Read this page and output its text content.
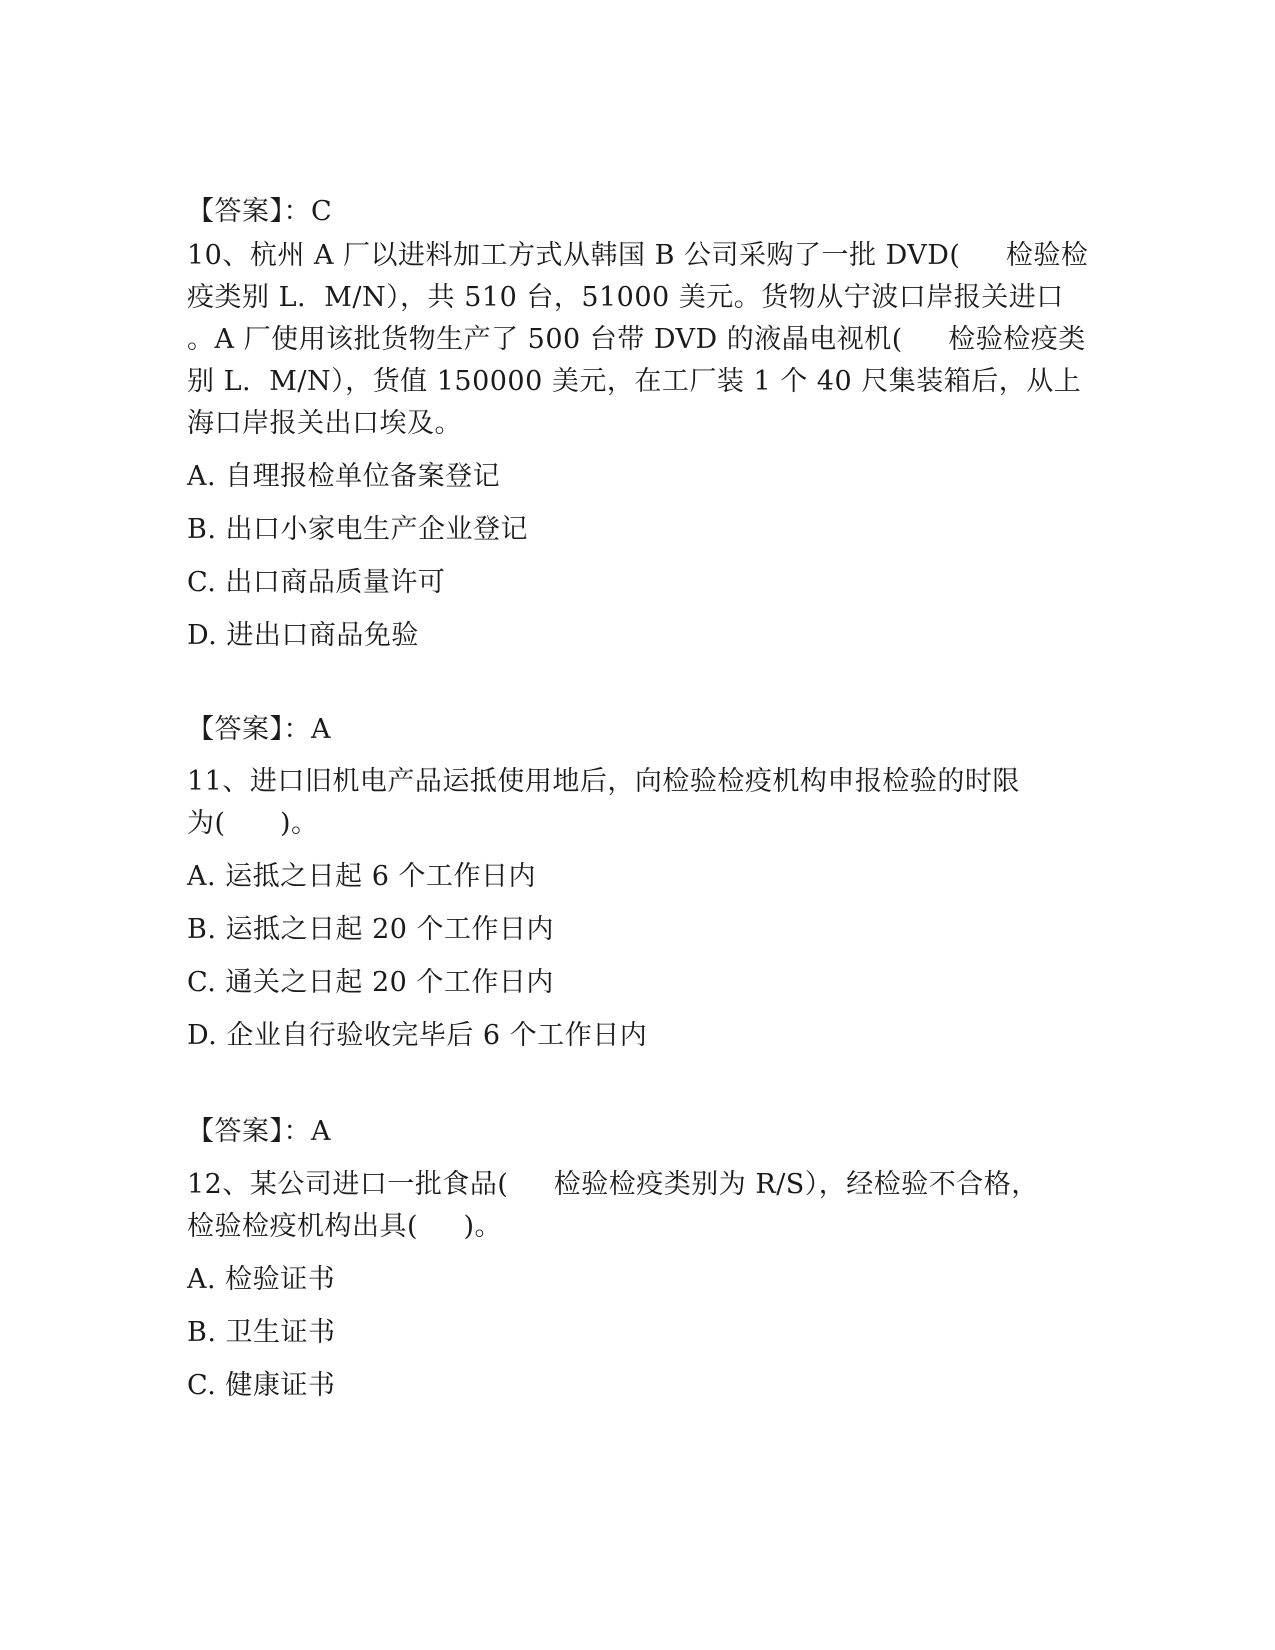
【答案】：C
10、杭州 A 厂以进料加工方式从韩国 B 公司采购了一批 DVD(     检验检
疫类别 L.  M/N），共 510 台，51000 美元。货物从宁波口岸报关进口
。A 厂使用该批货物生产了 500 台带 DVD 的液晶电视机(     检验检疫类
别 L.  M/N），货值 150000 美元，在工厂装 1 个 40 尺集装箱后，从上
海口岸报关出口埃及。
A. 自理报检单位备案登记
B. 出口小家电生产企业登记
C. 出口商品质量许可
D. 进出口商品免验
【答案】：A
11、进口旧机电产品运抵使用地后，向检验检疫机构申报检验的时限
为(      )。
A. 运抵之日起 6 个工作日内
B. 运抵之日起 20 个工作日内
C. 通关之日起 20 个工作日内
D. 企业自行验收完毕后 6 个工作日内
【答案】：A
12、某公司进口一批食品(     检验检疫类别为 R/S），经检验不合格，
检验检疫机构出具(     )。
A. 检验证书
B. 卫生证书
C. 健康证书
